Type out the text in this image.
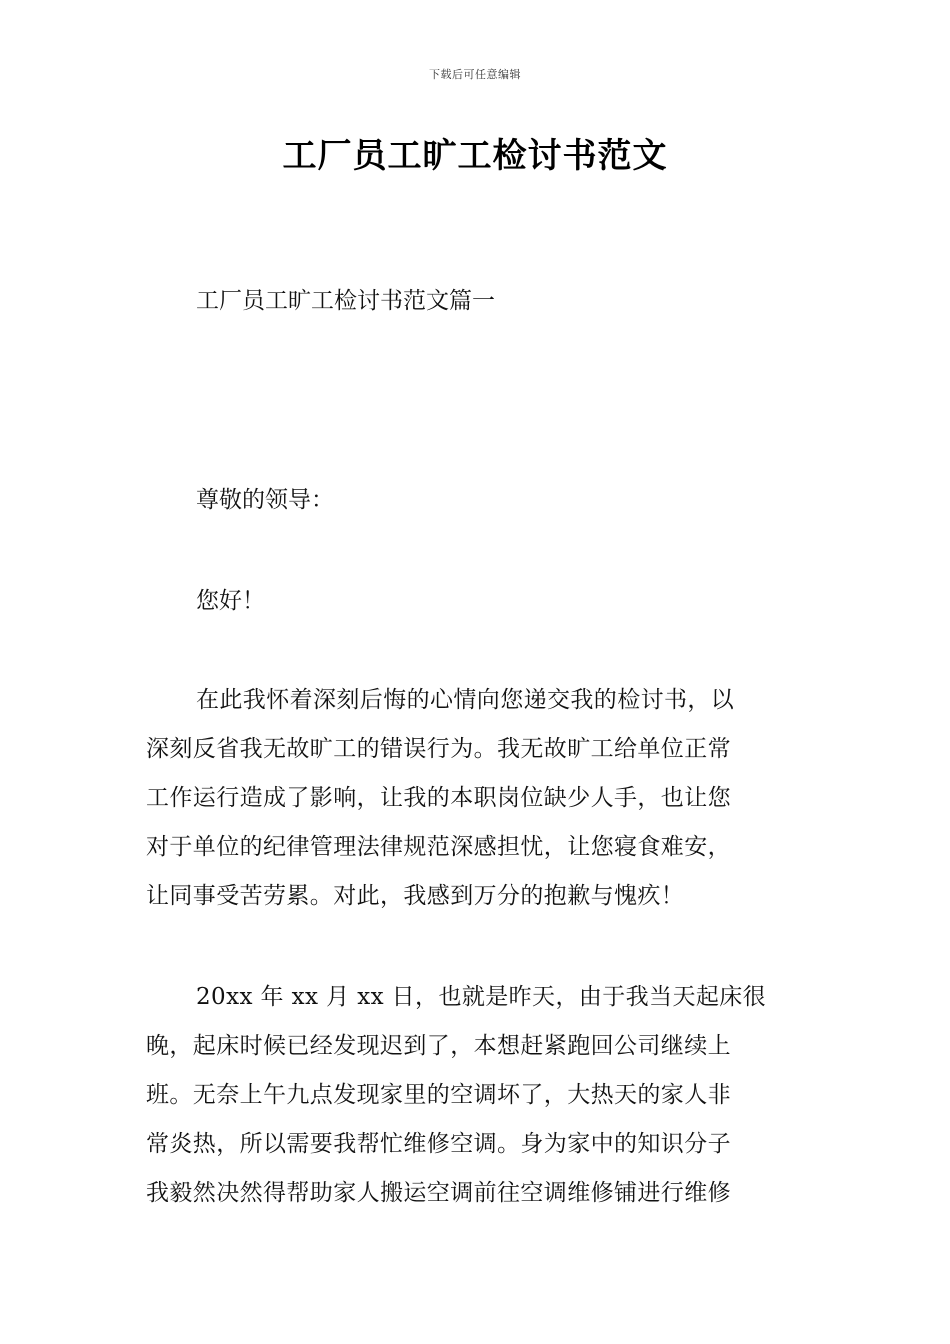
下载后可任意编辑
工厂员工旷工检讨书范文
工厂员工旷工检讨书范文篇一
尊敬的领导：
您好！
在此我怀着深刻后悔的心情向您递交我的检讨书，以
深刻反省我无故旷工的错误行为。我无故旷工给单位正常
工作运行造成了影响，让我的本职岗位缺少人手，也让您
对于单位的纪律管理法律规范深感担忧，让您寝食难安，
让同事受苦劳累。对此，我感到万分的抱歉与愧疚！
20xx 年 xx 月 xx 日，也就是昨天，由于我当天起床很
晚，起床时候已经发现迟到了，本想赶紧跑回公司继续上
班。无奈上午九点发现家里的空调坏了，大热天的家人非
常炎热，所以需要我帮忙维修空调。身为家中的知识分子
我毅然决然得帮助家人搬运空调前往空调维修铺进行维修
